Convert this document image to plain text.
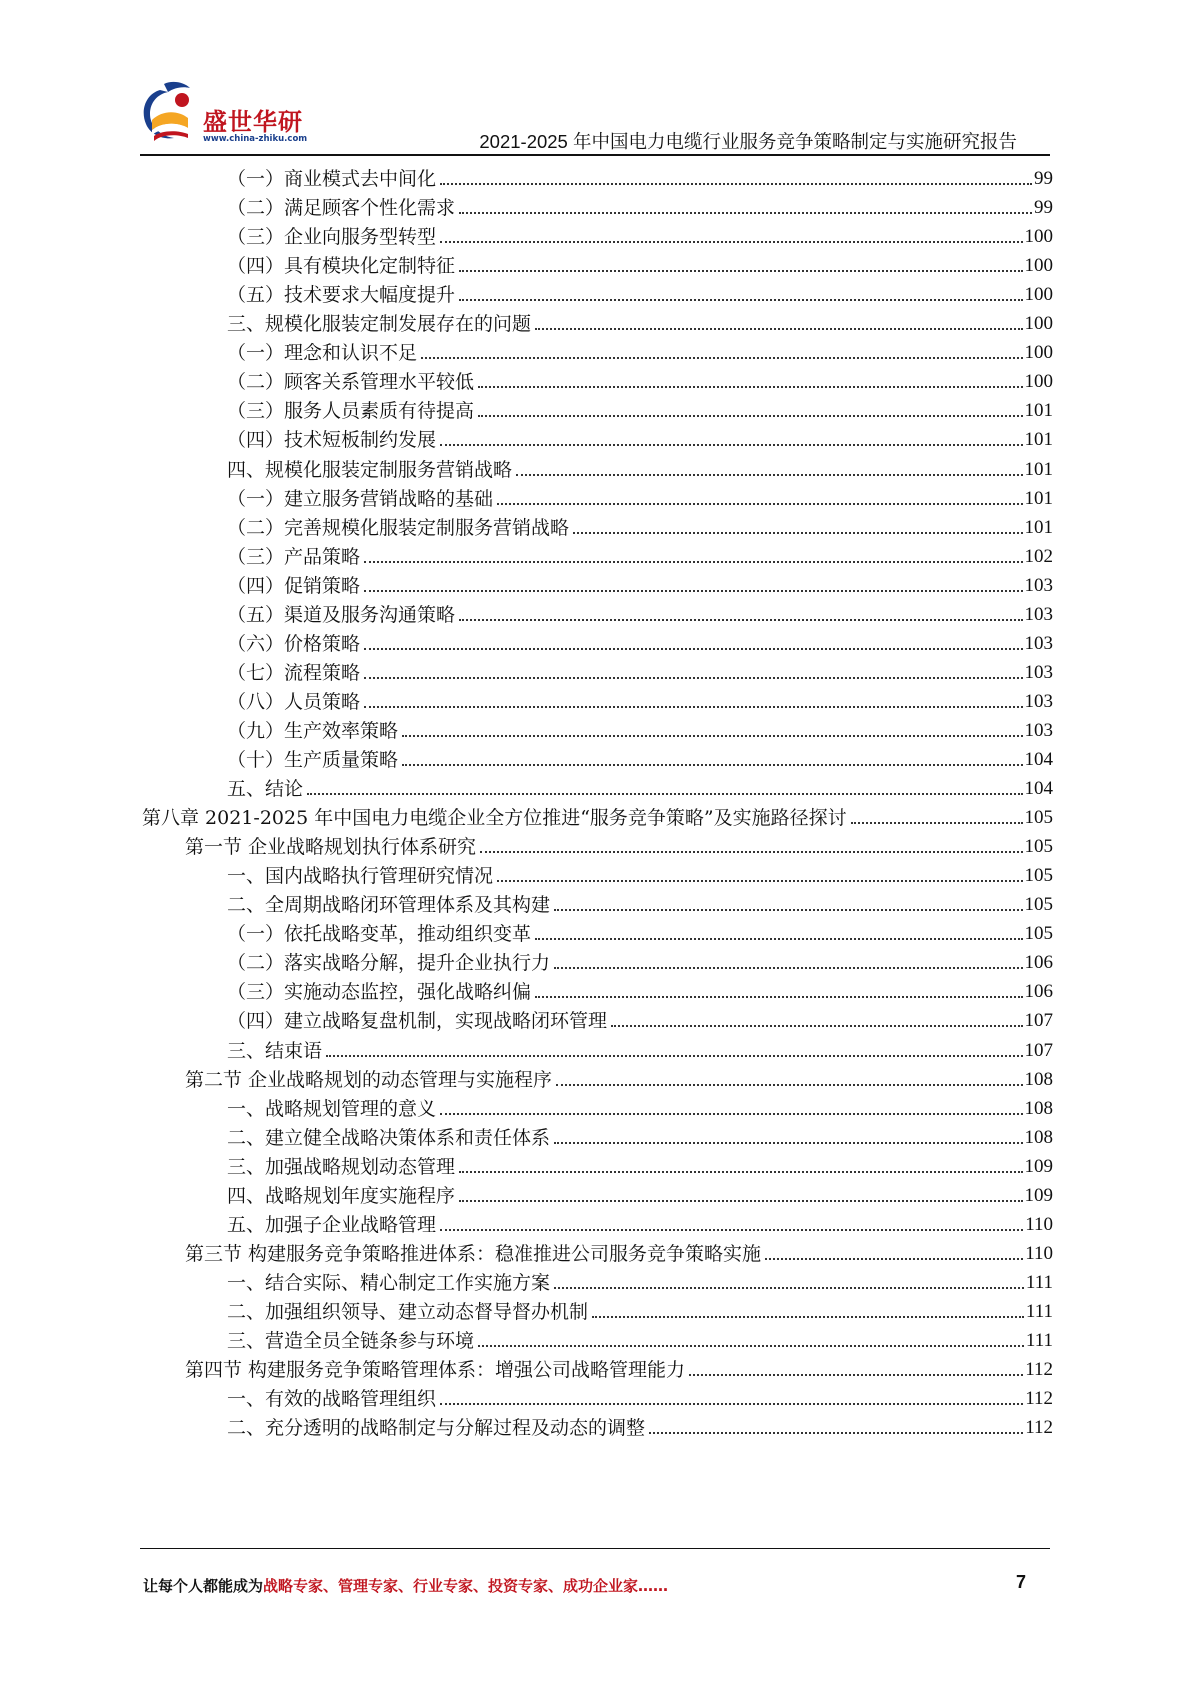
盛世华研
www.china-zhiku.com	2021-2025 年中国电力电缆行业服务竞争策略制定与实施研究报告
（一）商业模式去中间化	99
（二）满足顾客个性化需求	99
（三）企业向服务型转型	100
（四）具有模块化定制特征	100
（五）技术要求大幅度提升	100
三、规模化服装定制发展存在的问题	100
（一）理念和认识不足	100
（二）顾客关系管理水平较低	100
（三）服务人员素质有待提高	101
（四）技术短板制约发展	101
四、规模化服装定制服务营销战略	101
（一）建立服务营销战略的基础	101
（二）完善规模化服装定制服务营销战略	101
（三）产品策略	102
（四）促销策略	103
（五）渠道及服务沟通策略	103
（六）价格策略	103
（七）流程策略	103
（八）人员策略	103
（九）生产效率策略	103
（十）生产质量策略	104
五、结论	104
第八章 2021-2025 年中国电力电缆企业全方位推进“服务竞争策略”及实施路径探讨	105
第一节 企业战略规划执行体系研究	105
一、国内战略执行管理研究情况	105
二、全周期战略闭环管理体系及其构建	105
（一）依托战略变革，推动组织变革	105
（二）落实战略分解，提升企业执行力	106
（三）实施动态监控，强化战略纠偏	106
（四）建立战略复盘机制，实现战略闭环管理	107
三、结束语	107
第二节 企业战略规划的动态管理与实施程序	108
一、战略规划管理的意义	108
二、建立健全战略决策体系和责任体系	108
三、加强战略规划动态管理	109
四、战略规划年度实施程序	109
五、加强子企业战略管理	110
第三节 构建服务竞争策略推进体系：稳准推进公司服务竞争策略实施	110
一、结合实际、精心制定工作实施方案	111
二、加强组织领导、建立动态督导督办机制	111
三、营造全员全链条参与环境	111
第四节 构建服务竞争策略管理体系：增强公司战略管理能力	112
一、有效的战略管理组织	112
二、充分透明的战略制定与分解过程及动态的调整	112
让每个人都能成为战略专家、管理专家、行业专家、投资专家、成功企业家……	7
